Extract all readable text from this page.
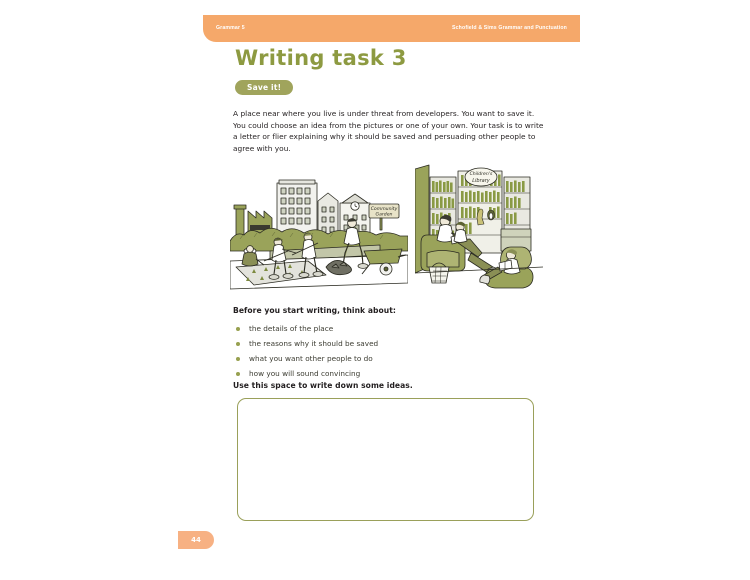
Grammar 5	Schofield & Sims Grammar and Punctuation
Writing task 3
Save it!

A place near where you live is under threat from developers. You want to save it. You could choose an idea from the pictures or one of your own. Your task is to write a letter or flier explaining why it should be saved and persuading other people to agree with you.

Community
Garden
Children's
Library
Before you start writing, think about:
the details of the place
the reasons why it should be saved
what you want other people to do
how you will sound convincing
Use this space to write down some ideas.
44
